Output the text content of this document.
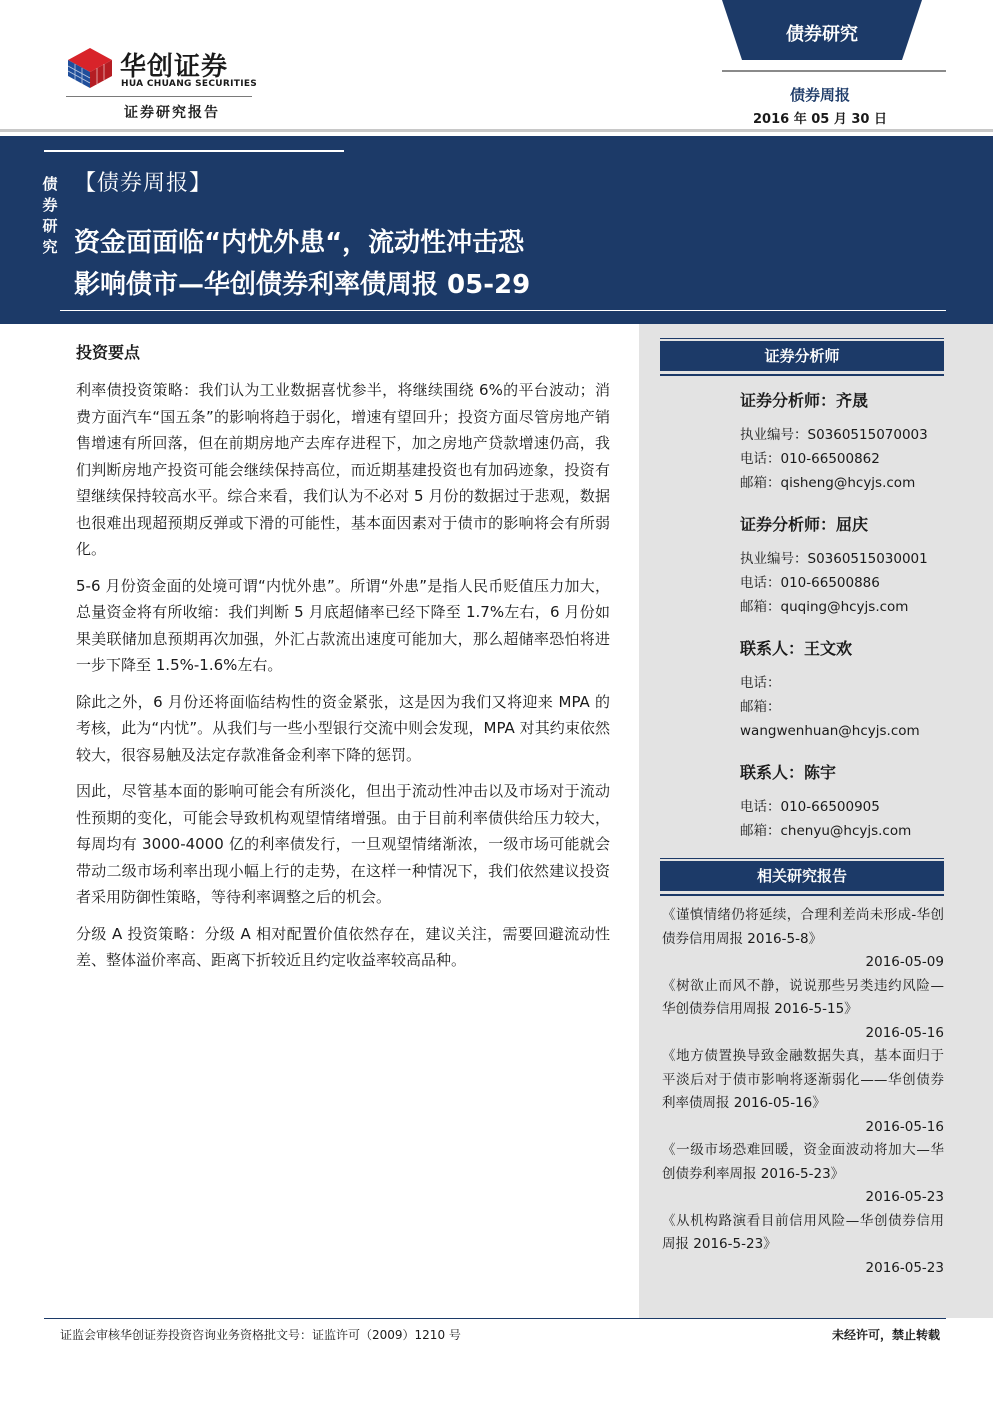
华创证券
HUA CHUANG SECURITIES
证券研究报告
债券研究
债券周报
2016 年 05 月 30 日
债券研究
【债券周报】
资金面面临“内忧外患“，流动性冲击恐
影响债市—华创债券利率债周报 05-29
投资要点

利率债投资策略：我们认为工业数据喜忧参半，将继续围绕 6%的平台波动；消费方面汽车“国五条”的影响将趋于弱化，增速有望回升；投资方面尽管房地产销售增速有所回落，但在前期房地产去库存进程下，加之房地产贷款增速仍高，我们判断房地产投资可能会继续保持高位，而近期基建投资也有加码迹象，投资有望继续保持较高水平。综合来看，我们认为不必对 5 月份的数据过于悲观，数据也很难出现超预期反弹或下滑的可能性，基本面因素对于债市的影响将会有所弱化。

5-6 月份资金面的处境可谓“内忧外患”。所谓“外患”是指人民币贬值压力加大，总量资金将有所收缩：我们判断 5 月底超储率已经下降至 1.7%左右，6 月份如果美联储加息预期再次加强，外汇占款流出速度可能加大，那么超储率恐怕将进一步下降至 1.5%-1.6%左右。

除此之外，6 月份还将面临结构性的资金紧张，这是因为我们又将迎来 MPA 的考核，此为“内忧”。从我们与一些小型银行交流中则会发现，MPA 对其约束依然较大，很容易触及法定存款准备金利率下降的惩罚。

因此，尽管基本面的影响可能会有所淡化，但出于流动性冲击以及市场对于流动性预期的变化，可能会导致机构观望情绪增强。由于目前利率债供给压力较大，每周均有 3000-4000 亿的利率债发行，一旦观望情绪渐浓，一级市场可能就会带动二级市场利率出现小幅上行的走势，在这样一种情况下，我们依然建议投资者采用防御性策略，等待利率调整之后的机会。

分级 A 投资策略：分级 A 相对配置价值依然存在，建议关注，需要回避流动性差、整体溢价率高、距离下折较近且约定收益率较高品种。

证券分析师
证券分析师：齐晟
执业编号：S0360515070003
电话：010-66500862
邮箱：qisheng@hcyjs.com
证券分析师：屈庆
执业编号：S0360515030001
电话：010-66500886
邮箱：quqing@hcyjs.com
联系人：王文欢
电话：
邮箱：
wangwenhuan@hcyjs.com
联系人：陈宇
电话：010-66500905
邮箱：chenyu@hcyjs.com
相关研究报告
《谨慎情绪仍将延续，合理利差尚未形成-华创债券信用周报 2016-5-8》
2016-05-09
《树欲止而风不静，说说那些另类违约风险—华创债券信用周报 2016-5-15》
2016-05-16
《地方债置换导致金融数据失真，基本面归于平淡后对于债市影响将逐渐弱化——华创债券利率债周报 2016-05-16》
2016-05-16
《一级市场恐难回暖，资金面波动将加大—华创债券利率周报 2016-5-23》
2016-05-23
《从机构路演看目前信用风险—华创债券信用周报 2016-5-23》
2016-05-23
证监会审核华创证券投资咨询业务资格批文号：证监许可（2009）1210 号	未经许可，禁止转载
